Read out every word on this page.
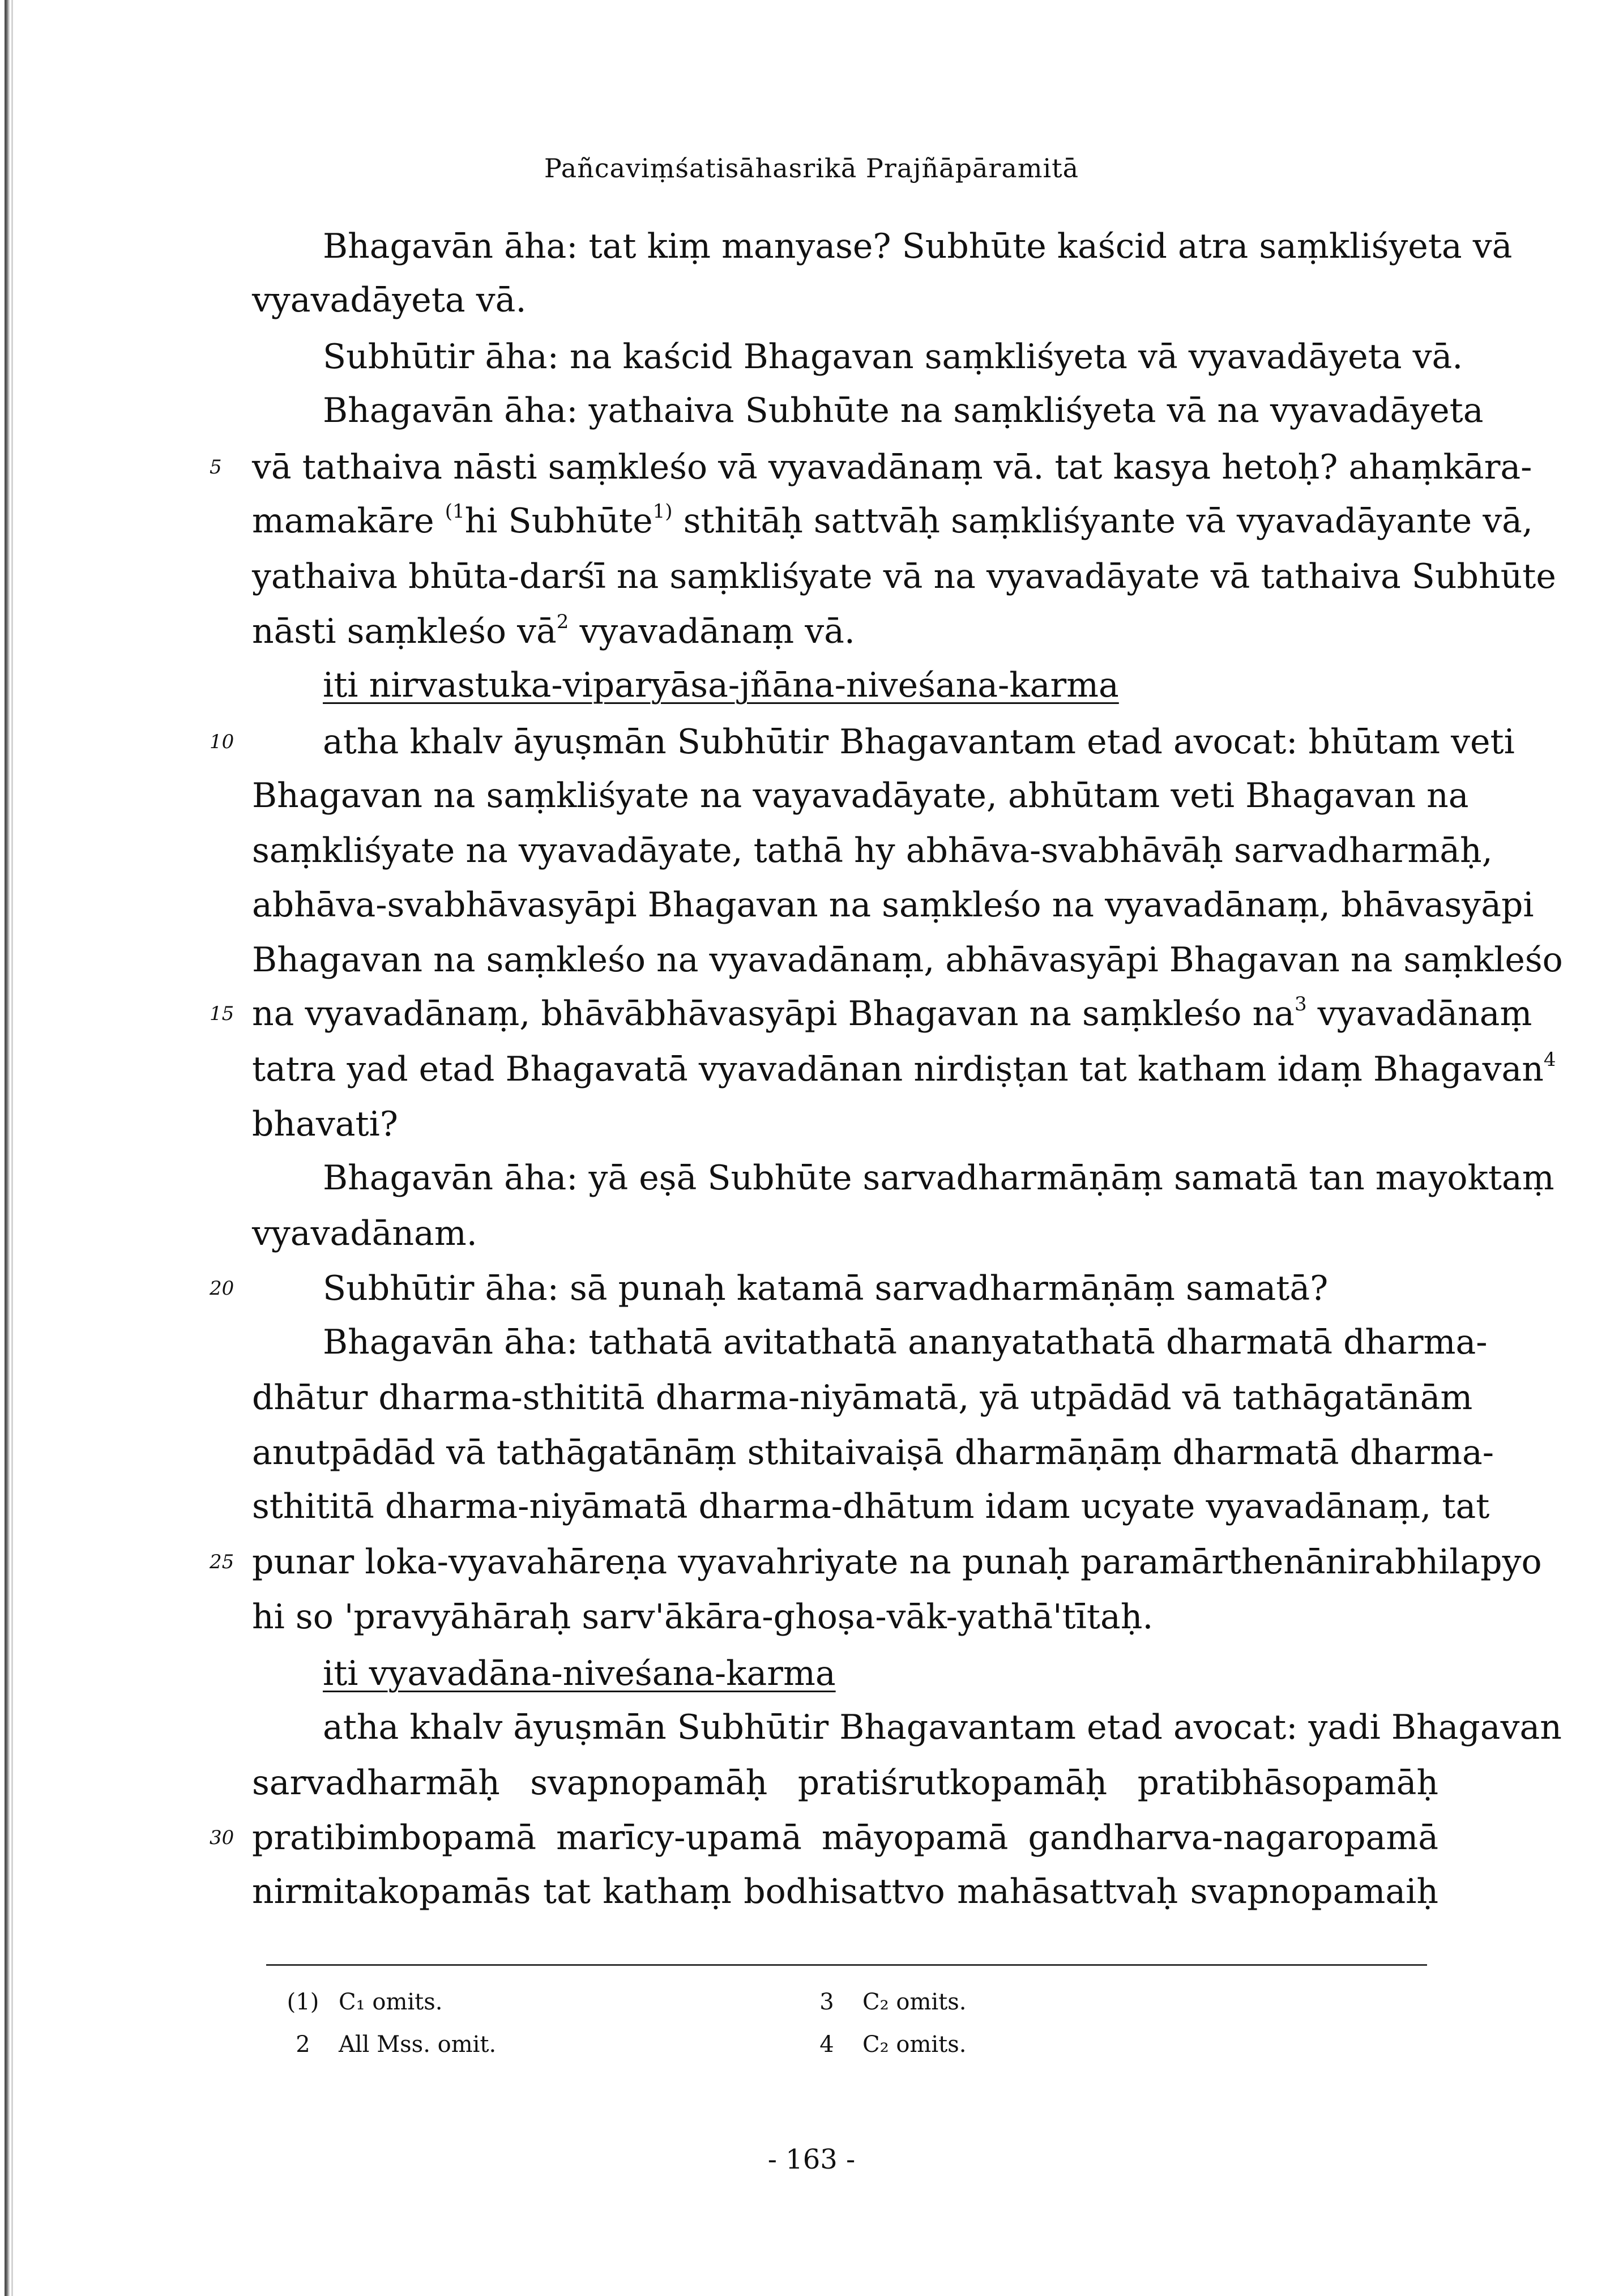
Pañcaviṃśatisāhasrikā Prajñāpāramitā
Bhagavān āha: tat kiṃ manyase? Subhūte kaścid atra saṃkliśyeta vā
vyavadāyeta vā.
Subhūtir āha: na kaścid Bhagavan saṃkliśyeta vā vyavadāyeta vā.
Bhagavān āha: yathaiva Subhūte na saṃkliśyeta vā na vyavadāyeta
vā tathaiva nāsti saṃkleśo vā vyavadānaṃ vā. tat kasya hetoḥ? ahaṃkāra-
mamakāre $^{(1}$hi Subhūte$^{1)}$ sthitāḥ sattvāḥ saṃkliśyante vā vyavadāyante vā,
yathaiva bhūta-darśī na saṃkliśyate vā na vyavadāyate vā tathaiva Subhūte
nāsti saṃkleśo $vā^2$ vyavadānaṃ vā.
iti nirvastuka-viparyāsa-jñāna-niveśana-karma
atha khalv āyuṣmān Subhūtir Bhagavantam etad avocat: bhūtam veti
Bhagavan na saṃkliśyate na vayavadāyate, abhūtam veti Bhagavan na
saṃkliśyate na vyavadāyate, tathā hy abhāva-svabhāvāḥ sarvadharmāḥ,
abhāva-svabhāvasyāpi Bhagavan na saṃkleśo na vyavadānaṃ, bhāvasyāpi
Bhagavan na saṃkleśo na vyavadānaṃ, abhāvasyāpi Bhagavan na saṃkleśo
na vyavadānaṃ, bhāvābhāvasyāpi Bhagavan na saṃkleśo $na^3$ vyavadānaṃ
tatra yad etad Bhagavatā vyavadānan nirdiṣṭan tat katham idaṃ Bhagavan$^4$
bhavati?
Bhagavān āha: yā eṣā Subhūte sarvadharmāṇāṃ samatā tan mayoktaṃ
vyavadānam.
Subhūtir āha: sā punaḥ katamā sarvadharmāṇāṃ samatā?
Bhagavān āha: tathatā avitathatā ananyatathatā dharmatā dharma-
dhātur dharma-sthititā dharma-niyāmatā, yā utpādād vā tathāgatānām
anutpādād vā tathāgatānāṃ sthitaivaiṣā dharmāṇāṃ dharmatā dharma-
sthititā dharma-niyāmatā dharma-dhātum idam ucyate vyavadānaṃ, tat
punar loka-vyavahāreṇa vyavahriyate na punaḥ paramārthenānirabhilapyo
hi so 'pravyāhāraḥ sarv'ākāra-ghoṣa-vāk-yathā'tītaḥ.
iti vyavadāna-niveśana-karma
atha khalv āyuṣmān Subhūtir Bhagavantam etad avocat: yadi Bhagavan
sarvadharmāḥ svapnopamāḥ pratiśrutkopamāḥ pratibhāsopamāḥ
pratibimbopamā marīcy-upamā māyopamā gandharva-nagaropamā
nirmitakopamās tat kathaṃ bodhisattvo mahāsattvaḥ svapnopamaiḥ
5
10
15
20
25
30
(1) C₁ omits.
2 All Mss. omit.
3 C₂ omits.
4 C₂ omits.
- 163 -
